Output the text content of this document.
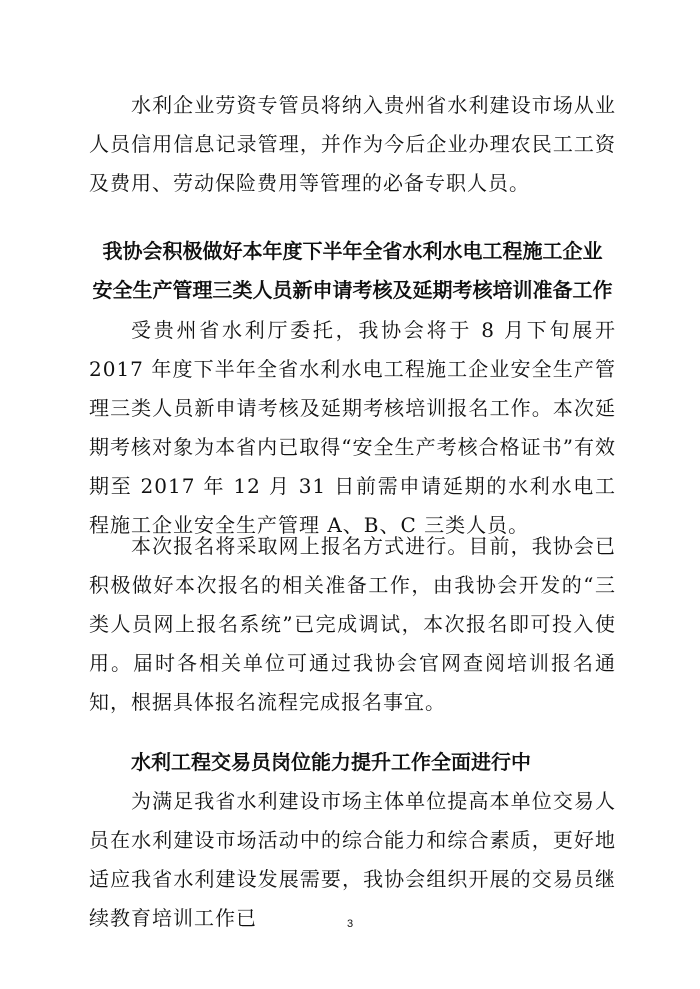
水利企业劳资专管员将纳入贵州省水利建设市场从业人员信用信息记录管理，并作为今后企业办理农民工工资及费用、劳动保险费用等管理的必备专职人员。

我协会积极做好本年度下半年全省水利水电工程施工企业
安全生产管理三类人员新申请考核及延期考核培训准备工作

受贵州省水利厅委托，我协会将于 8 月下旬展开 2017 年度下半年全省水利水电工程施工企业安全生产管理三类人员新申请考核及延期考核培训报名工作。本次延期考核对象为本省内已取得“安全生产考核合格证书”有效期至 2017 年 12 月 31 日前需申请延期的水利水电工程施工企业安全生产管理 A、B、C 三类人员。

本次报名将采取网上报名方式进行。目前，我协会已积极做好本次报名的相关准备工作，由我协会开发的“三类人员网上报名系统”已完成调试，本次报名即可投入使用。届时各相关单位可通过我协会官网查阅培训报名通知，根据具体报名流程完成报名事宜。

水利工程交易员岗位能力提升工作全面进行中

为满足我省水利建设市场主体单位提高本单位交易人员在水利建设市场活动中的综合能力和综合素质，更好地适应我省水利建设发展需要，我协会组织开展的交易员继续教育培训工作已	3
